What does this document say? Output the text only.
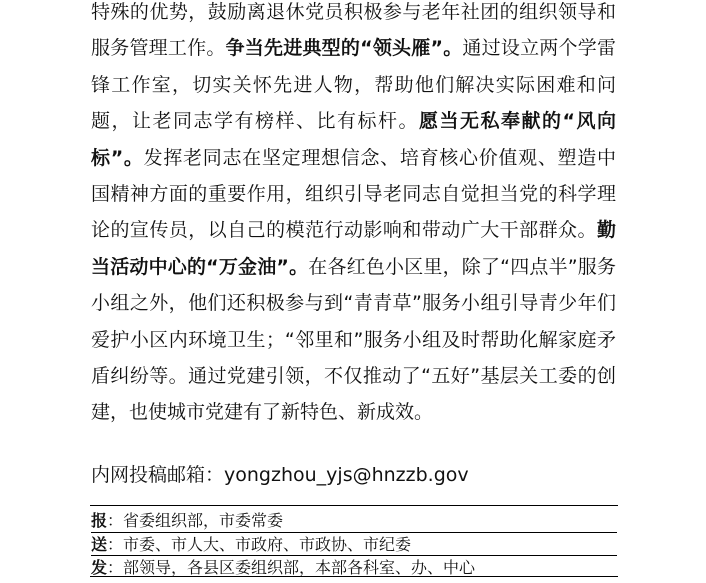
特殊的优势，鼓励离退休党员积极参与老年社团的组织领导和服务管理工作。争当先进典型的“领头雁”。通过设立两个学雷锋工作室，切实关怀先进人物，帮助他们解决实际困难和问题，让老同志学有榜样、比有标杆。愿当无私奉献的“风向标”。发挥老同志在坚定理想信念、培育核心价值观、塑造中国精神方面的重要作用，组织引导老同志自觉担当党的科学理论的宣传员，以自己的模范行动影响和带动广大干部群众。勤当活动中心的“万金油”。在各红色小区里，除了“四点半”服务小组之外，他们还积极参与到“青青草”服务小组引导青少年们爱护小区内环境卫生；“邻里和”服务小组及时帮助化解家庭矛盾纠纷等。通过党建引领，不仅推动了“五好”基层关工委的创建，也使城市党建有了新特色、新成效。

内网投稿邮箱：yongzhou_yjs@hnzzb.gov
报：省委组织部，市委常委
送：市委、市人大、市政府、市政协、市纪委
发：部领导，各县区委组织部，本部各科室、办、中心
